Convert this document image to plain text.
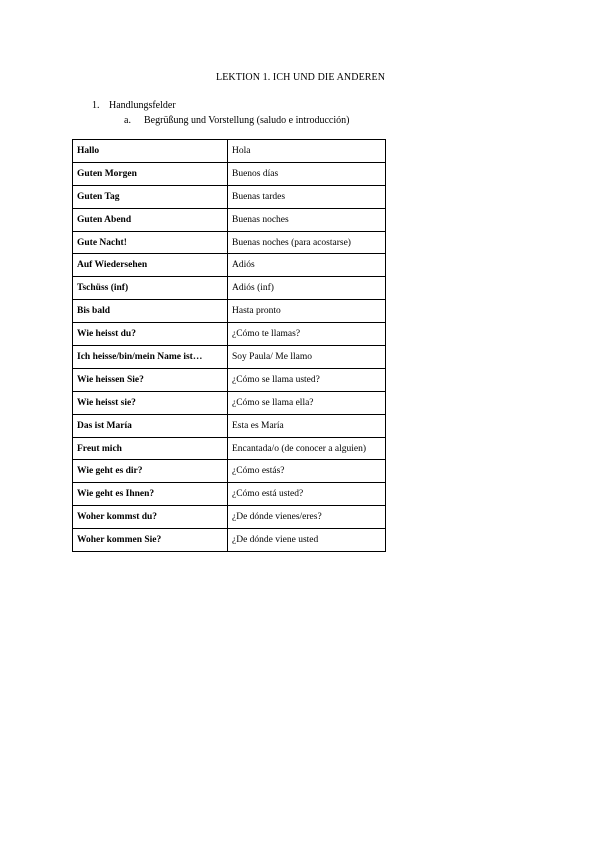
LEKTION 1. ICH UND DIE ANDEREN
1. Handlungsfelder
a. Begrüßung und Vorstellung (saludo e introducción)
Hallo	Hola
Guten Morgen	Buenos días
Guten Tag	Buenas tardes
Guten Abend	Buenas noches
Gute Nacht!	Buenas noches (para acostarse)
Auf Wiedersehen	Adiós
Tschüss (inf)	Adiós (inf)
Bis bald	Hasta pronto
Wie heisst du?	¿Cómo te llamas?
Ich heisse/bin/mein Name ist…	Soy Paula/ Me llamo
Wie heissen Sie?	¿Cómo se llama usted?
Wie heisst sie?	¿Cómo se llama ella?
Das ist María	Esta es María
Freut mich	Encantada/o (de conocer a alguien)
Wie geht es dir?	¿Cómo estás?
Wie geht es Ihnen?	¿Cómo está usted?
Woher kommst du?	¿De dónde vienes/eres?
Woher kommen Sie?	¿De dónde viene usted
